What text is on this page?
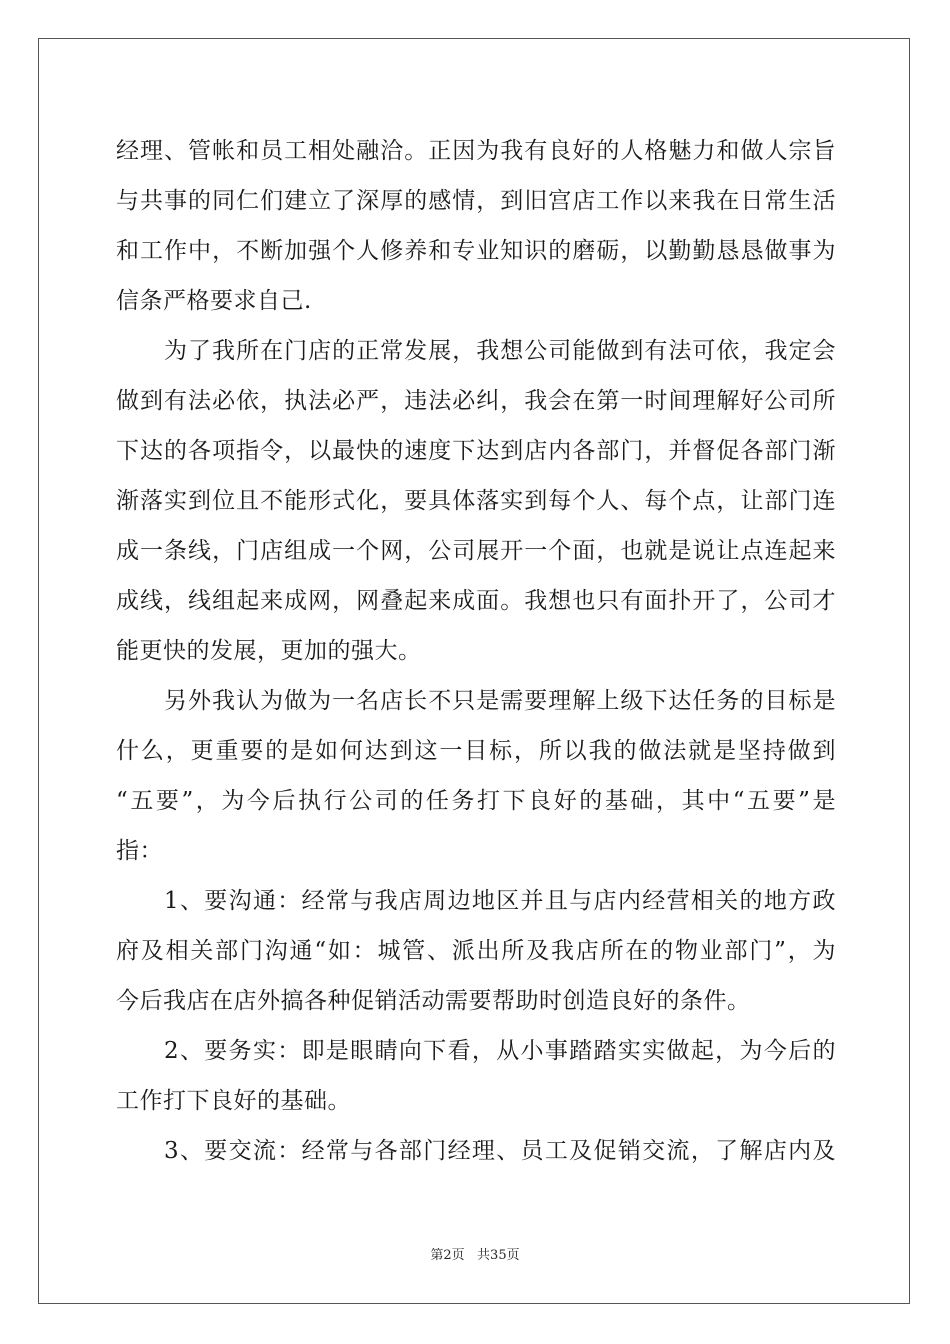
经理、管帐和员工相处融洽。正因为我有良好的人格魅力和做人宗旨
与共事的同仁们建立了深厚的感情，到旧宫店工作以来我在日常生活
和工作中，不断加强个人修养和专业知识的磨砺，以勤勤恳恳做事为
信条严格要求自己.
为了我所在门店的正常发展，我想公司能做到有法可依，我定会
做到有法必依，执法必严，违法必纠，我会在第一时间理解好公司所
下达的各项指令，以最快的速度下达到店内各部门，并督促各部门渐
渐落实到位且不能形式化，要具体落实到每个人、每个点，让部门连
成一条线，门店组成一个网，公司展开一个面，也就是说让点连起来
成线，线组起来成网，网叠起来成面。我想也只有面扑开了，公司才
能更快的发展，更加的强大。
另外我认为做为一名店长不只是需要理解上级下达任务的目标是
什么，更重要的是如何达到这一目标，所以我的做法就是坚持做到
“五要”，为今后执行公司的任务打下良好的基础，其中“五要”是
指：
1、要沟通：经常与我店周边地区并且与店内经营相关的地方政
府及相关部门沟通“如：城管、派出所及我店所在的物业部门”，为
今后我店在店外搞各种促销活动需要帮助时创造良好的条件。
2、要务实：即是眼睛向下看，从小事踏踏实实做起，为今后的
工作打下良好的基础。
3、要交流：经常与各部门经理、员工及促销交流，了解店内及
第2页   共35页
